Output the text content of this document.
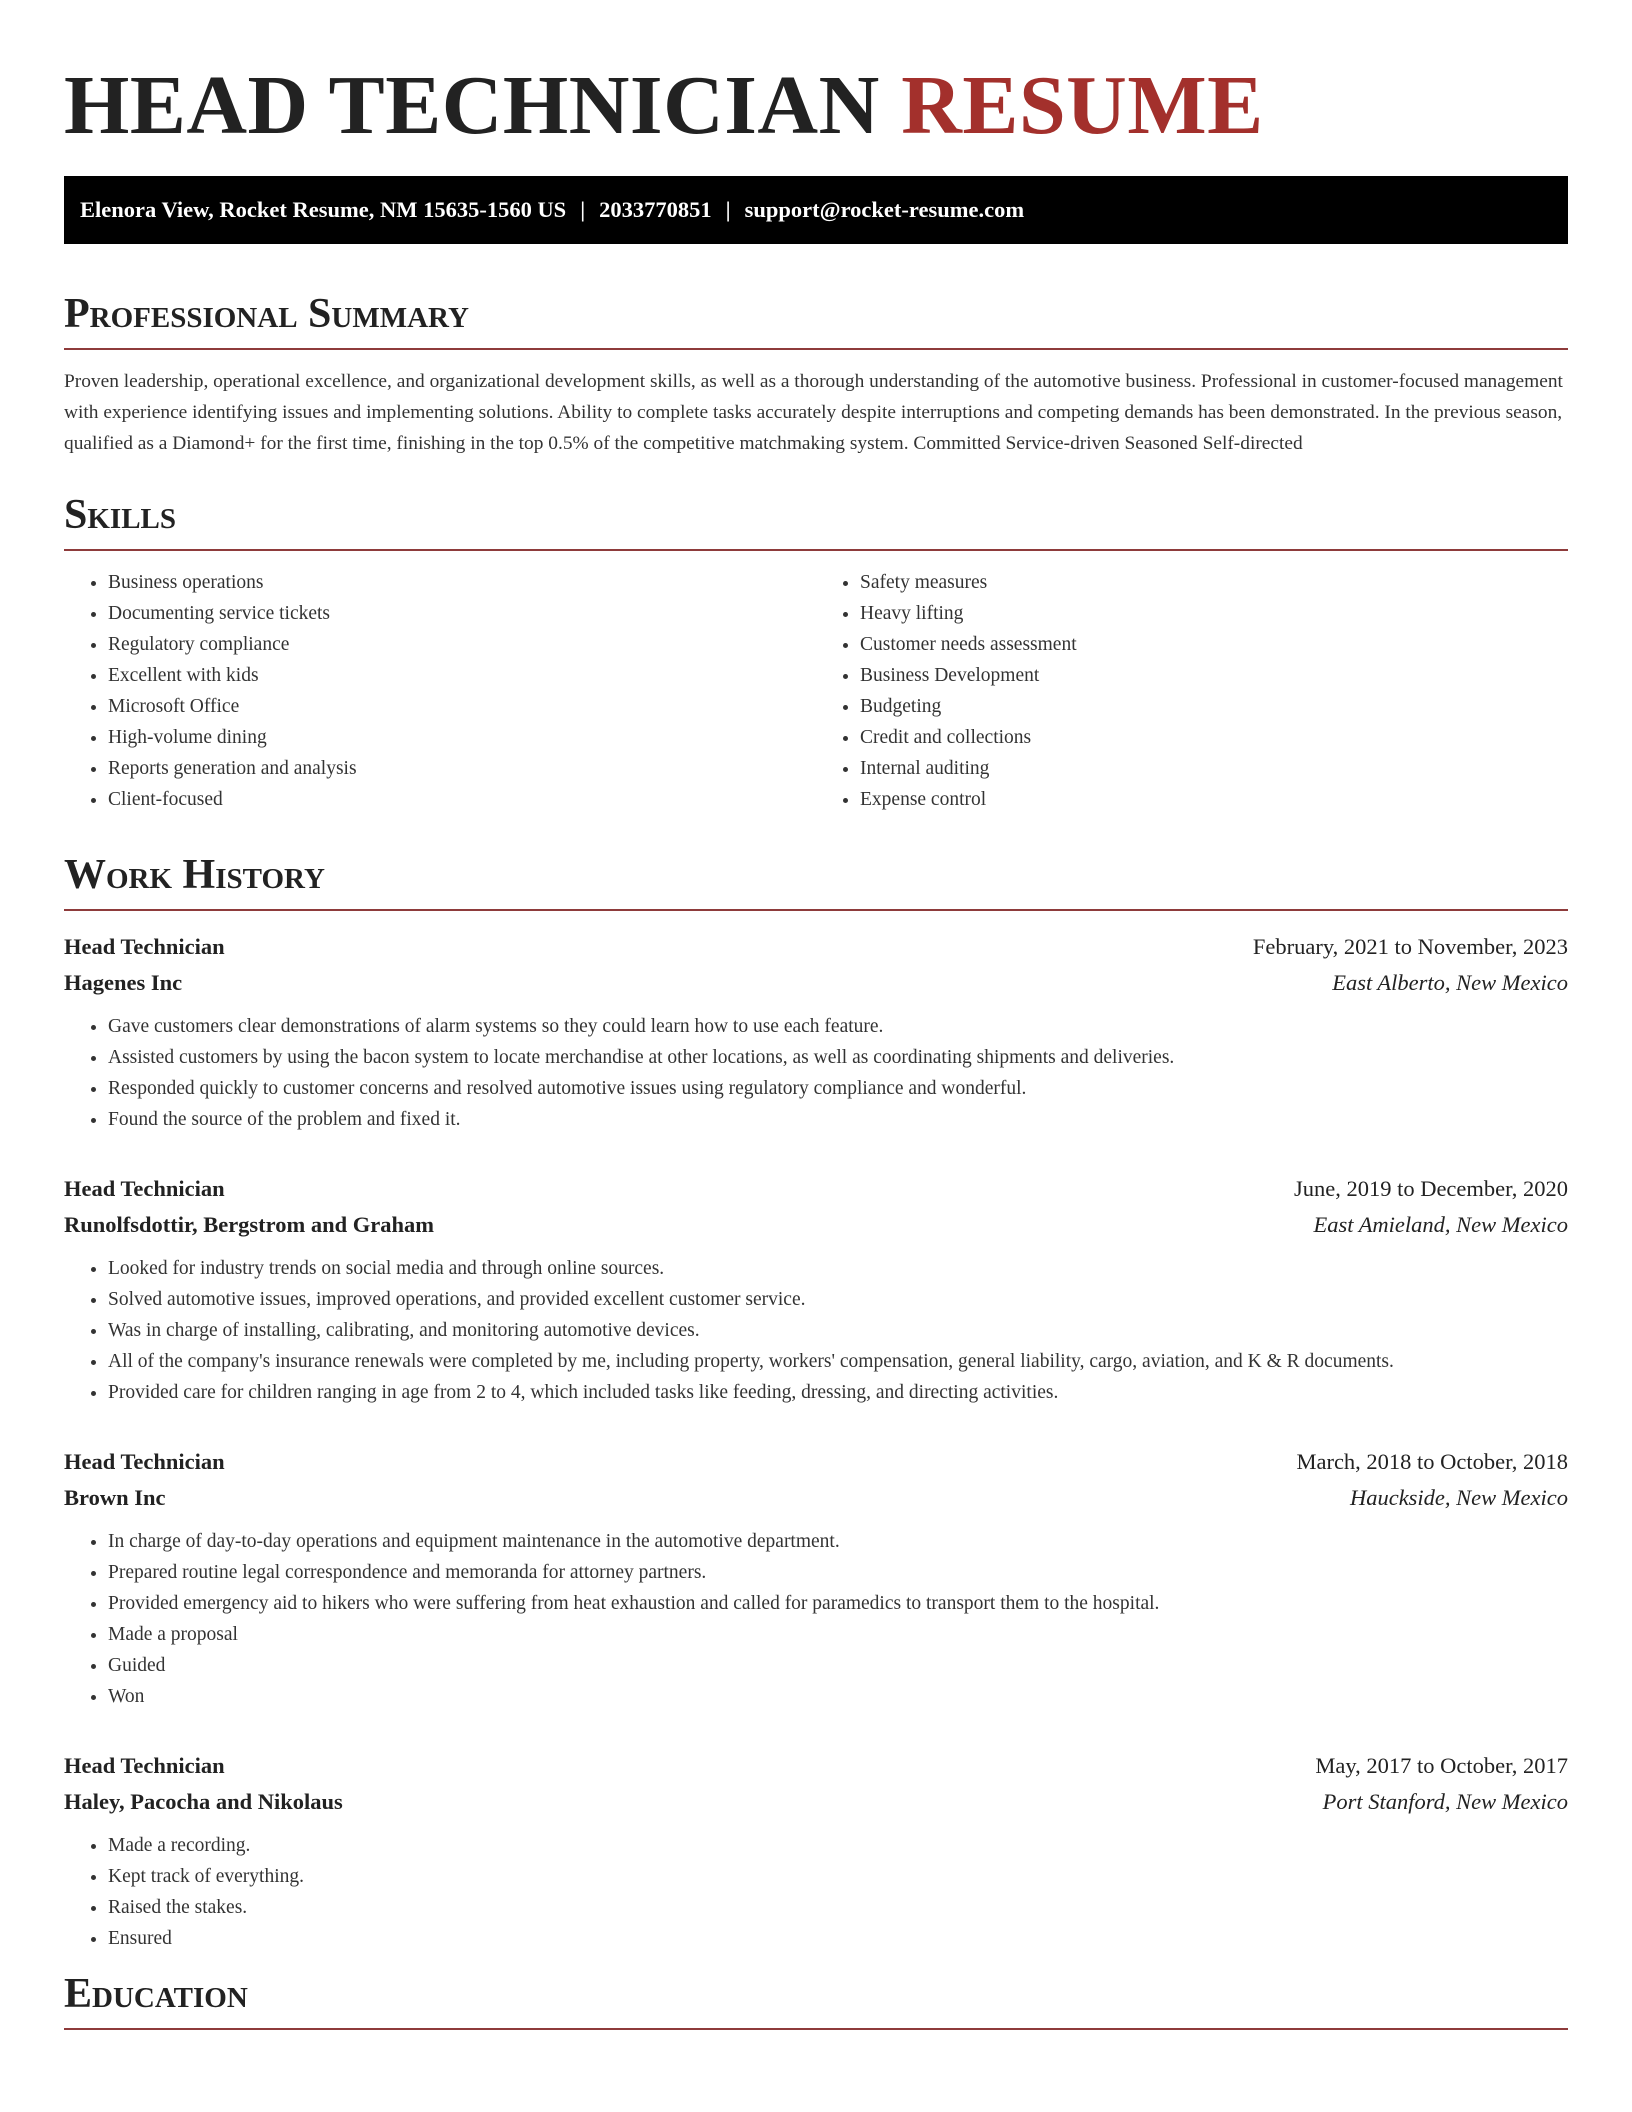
HEAD TECHNICIAN RESUME
Elenora View, Rocket Resume, NM 15635-1560 US | 2033770851 | support@rocket-resume.com
Professional Summary

Proven leadership, operational excellence, and organizational development skills, as well as a thorough understanding of the automotive business. Professional in customer-focused management with experience identifying issues and implementing solutions. Ability to complete tasks accurately despite interruptions and competing demands has been demonstrated. In the previous season, qualified as a Diamond+ for the first time, finishing in the top 0.5% of the competitive matchmaking system. Committed Service-driven Seasoned Self-directed

Skills
• Business operations
• Documenting service tickets
• Regulatory compliance
• Excellent with kids
• Microsoft Office
• High-volume dining
• Reports generation and analysis
• Client-focused
• Safety measures
• Heavy lifting
• Customer needs assessment
• Business Development
• Budgeting
• Credit and collections
• Internal auditing
• Expense control
Work History
Head Technician	February, 2021 to November, 2023
Hagenes Inc	East Alberto, New Mexico
• Gave customers clear demonstrations of alarm systems so they could learn how to use each feature.
• Assisted customers by using the bacon system to locate merchandise at other locations, as well as coordinating shipments and deliveries.
• Responded quickly to customer concerns and resolved automotive issues using regulatory compliance and wonderful.
• Found the source of the problem and fixed it.
Head Technician	June, 2019 to December, 2020
Runolfsdottir, Bergstrom and Graham	East Amieland, New Mexico
• Looked for industry trends on social media and through online sources.
• Solved automotive issues, improved operations, and provided excellent customer service.
• Was in charge of installing, calibrating, and monitoring automotive devices.
• All of the company's insurance renewals were completed by me, including property, workers' compensation, general liability, cargo, aviation, and K & R documents.
• Provided care for children ranging in age from 2 to 4, which included tasks like feeding, dressing, and directing activities.
Head Technician	March, 2018 to October, 2018
Brown Inc	Hauckside, New Mexico
• In charge of day-to-day operations and equipment maintenance in the automotive department.
• Prepared routine legal correspondence and memoranda for attorney partners.
• Provided emergency aid to hikers who were suffering from heat exhaustion and called for paramedics to transport them to the hospital.
• Made a proposal
• Guided
• Won
Head Technician	May, 2017 to October, 2017
Haley, Pacocha and Nikolaus	Port Stanford, New Mexico
• Made a recording.
• Kept track of everything.
• Raised the stakes.
• Ensured
Education
